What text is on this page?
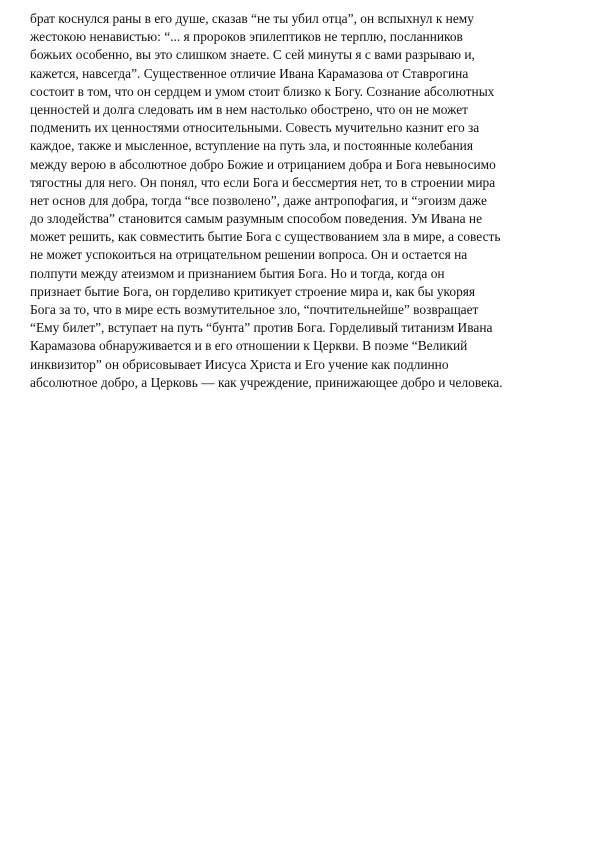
брат коснулся раны в его душе, сказав “не ты убил отца”, он вспыхнул к нему
жестокою ненавистью: “... я пророков эпилептиков не терплю, посланников
божьих особенно, вы это слишком знаете. С сей минуты я с вами разрываю и,
кажется, навсегда”. Существенное отличие Ивана Карамазова от Ставрогина
состоит в том, что он сердцем и умом стоит близко к Богу. Сознание абсолютных
ценностей и долга следовать им в нем настолько обострено, что он не может
подменить их ценностями относительными. Совесть мучительно казнит его за
каждое, также и мысленное, вступление на путь зла, и постоянные колебания
между верою в абсолютное добро Божие и отрицанием добра и Бога невыносимо
тягостны для него. Он понял, что если Бога и бессмертия нет, то в строении мира
нет основ для добра, тогда “все позволено”, даже антропофагия, и “эгоизм даже
до злодейства” становится самым разумным способом поведения. Ум Ивана не
может решить, как совместить бытие Бога с существованием зла в мире, а совесть
не может успокоиться на отрицательном решении вопроса. Он и остается на
полпути между атеизмом и признанием бытия Бога. Но и тогда, когда он
признает бытие Бога, он горделиво критикует строение мира и, как бы укоряя
Бога за то, что в мире есть возмутительное зло, “почтительнейше” возвращает
“Ему билет”, вступает на путь “бунта” против Бога. Горделивый титанизм Ивана
Карамазова обнаруживается и в его отношении к Церкви. В поэме “Великий
инквизитор” он обрисовывает Иисуса Христа и Его учение как подлинно
абсолютное добро, а Церковь — как учреждение, принижающее добро и человека.
